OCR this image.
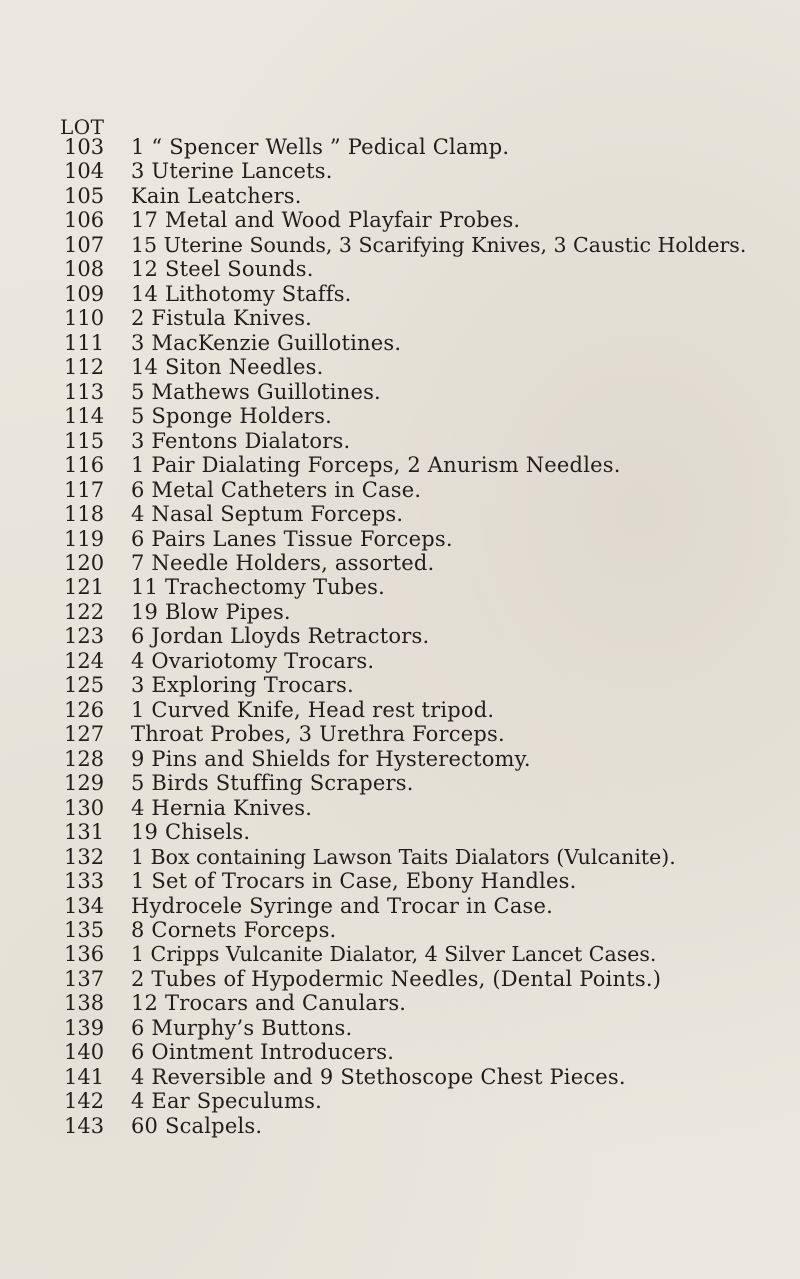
LOT
103	1 “ Spencer Wells ” Pedical Clamp.
104	3 Uterine Lancets.
105	Kain Leatchers.
106	17 Metal and Wood Playfair Probes.
107	15 Uterine Sounds, 3 Scarifying Knives, 3 Caustic Holders.
108	12 Steel Sounds.
109	14 Lithotomy Staffs.
110	2 Fistula Knives.
111	3 MacKenzie Guillotines.
112	14 Siton Needles.
113	5 Mathews Guillotines.
114	5 Sponge Holders.
115	3 Fentons Dialators.
116	1 Pair Dialating Forceps, 2 Anurism Needles.
117	6 Metal Catheters in Case.
118	4 Nasal Septum Forceps.
119	6 Pairs Lanes Tissue Forceps.
120	7 Needle Holders, assorted.
121	11 Trachectomy Tubes.
122	19 Blow Pipes.
123	6 Jordan Lloyds Retractors.
124	4 Ovariotomy Trocars.
125	3 Exploring Trocars.
126	1 Curved Knife, Head rest tripod.
127	Throat Probes, 3 Urethra Forceps.
128	9 Pins and Shields for Hysterectomy.
129	5 Birds Stuffing Scrapers.
130	4 Hernia Knives.
131	19 Chisels.
132	1 Box containing Lawson Taits Dialators (Vulcanite).
133	1 Set of Trocars in Case, Ebony Handles.
134	Hydrocele Syringe and Trocar in Case.
135	8 Cornets Forceps.
136	1 Cripps Vulcanite Dialator, 4 Silver Lancet Cases.
137	2 Tubes of Hypodermic Needles, (Dental Points.)
138	12 Trocars and Canulars.
139	6 Murphy’s Buttons.
140	6 Ointment Introducers.
141	4 Reversible and 9 Stethoscope Chest Pieces.
142	4 Ear Speculums.
143	60 Scalpels.
